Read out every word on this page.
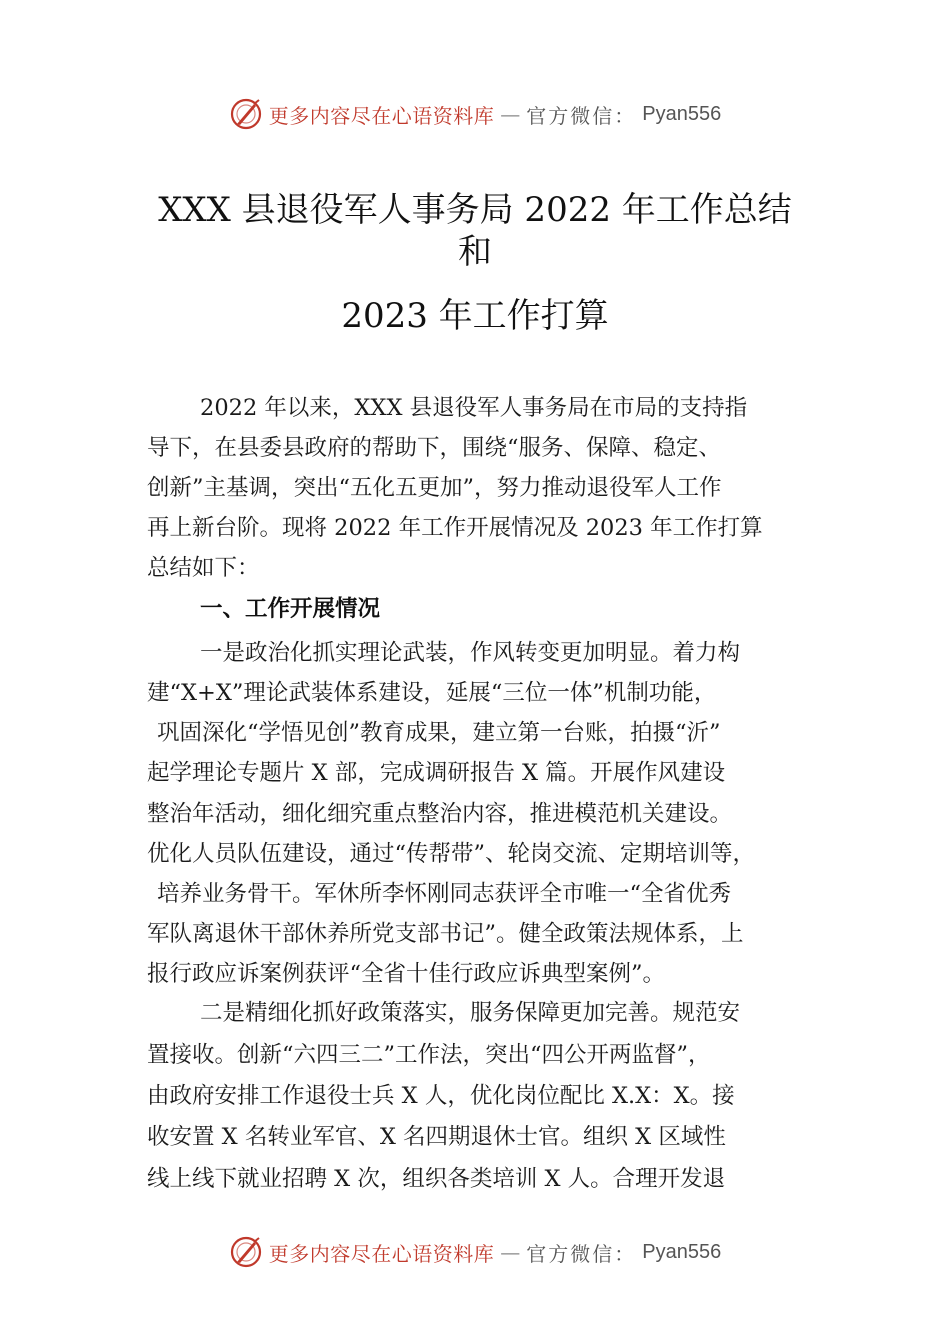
更多内容尽在心语资料库 — 官方微信： Pyan556
XXX 县退役军人事务局 2022 年工作总结
和
2023 年工作打算
2022 年以来，XXX 县退役军人事务局在市局的支持指
导下，在县委县政府的帮助下，围绕“服务、保障、稳定、
创新”主基调，突出“五化五更加”，努力推动退役军人工作
再上新台阶。现将 2022 年工作开展情况及 2023 年工作打算
总结如下：
一、工作开展情况
一是政治化抓实理论武装，作风转变更加明显。着力构
建“X+X”理论武装体系建设，延展“三位一体”机制功能，
巩固深化“学悟见创”教育成果，建立第一台账，拍摄“沂”
起学理论专题片 X 部，完成调研报告 X 篇。开展作风建设
整治年活动，细化细究重点整治内容，推进模范机关建设。
优化人员队伍建设，通过“传帮带”、轮岗交流、定期培训等，
培养业务骨干。军休所李怀刚同志获评全市唯一“全省优秀
军队离退休干部休养所党支部书记”。健全政策法规体系，上
报行政应诉案例获评“全省十佳行政应诉典型案例”。
二是精细化抓好政策落实，服务保障更加完善。规范安
置接收。创新“六四三二”工作法，突出“四公开两监督”，
由政府安排工作退役士兵 X 人，优化岗位配比 X.X：X。接
收安置 X 名转业军官、X 名四期退休士官。组织 X 区域性
线上线下就业招聘 X 次，组织各类培训 X 人。合理开发退
更多内容尽在心语资料库 — 官方微信： Pyan556
